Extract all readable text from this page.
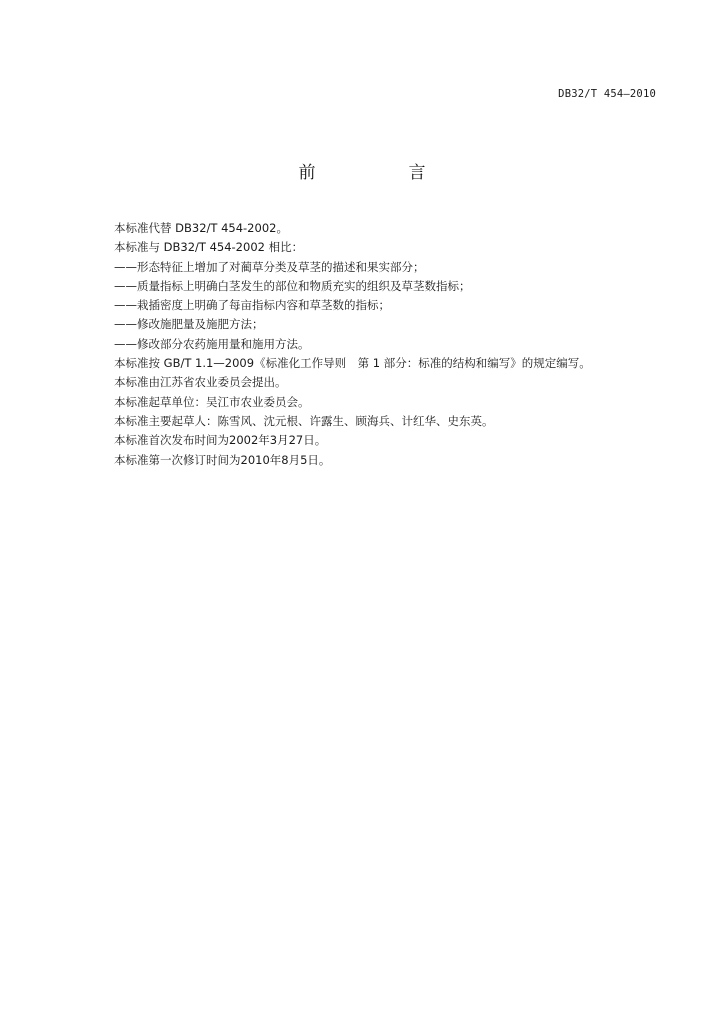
DB32/T 454—2010
前　言
本标准代替 DB32/T 454-2002。
本标准与 DB32/T 454-2002 相比：
——形态特征上增加了对蔺草分类及草茎的描述和果实部分；
——质量指标上明确白茎发生的部位和物质充实的组织及草茎数指标；
——栽插密度上明确了每亩指标内容和草茎数的指标；
——修改施肥量及施肥方法；
——修改部分农药施用量和施用方法。
本标准按 GB/T 1.1—2009《标准化工作导则　第 1 部分：标准的结构和编写》的规定编写。
本标准由江苏省农业委员会提出。
本标准起草单位：吴江市农业委员会。
本标准主要起草人：陈雪风、沈元根、许露生、顾海兵、计红华、史东英。
本标准首次发布时间为2002年3月27日。
本标准第一次修订时间为2010年8月5日。
